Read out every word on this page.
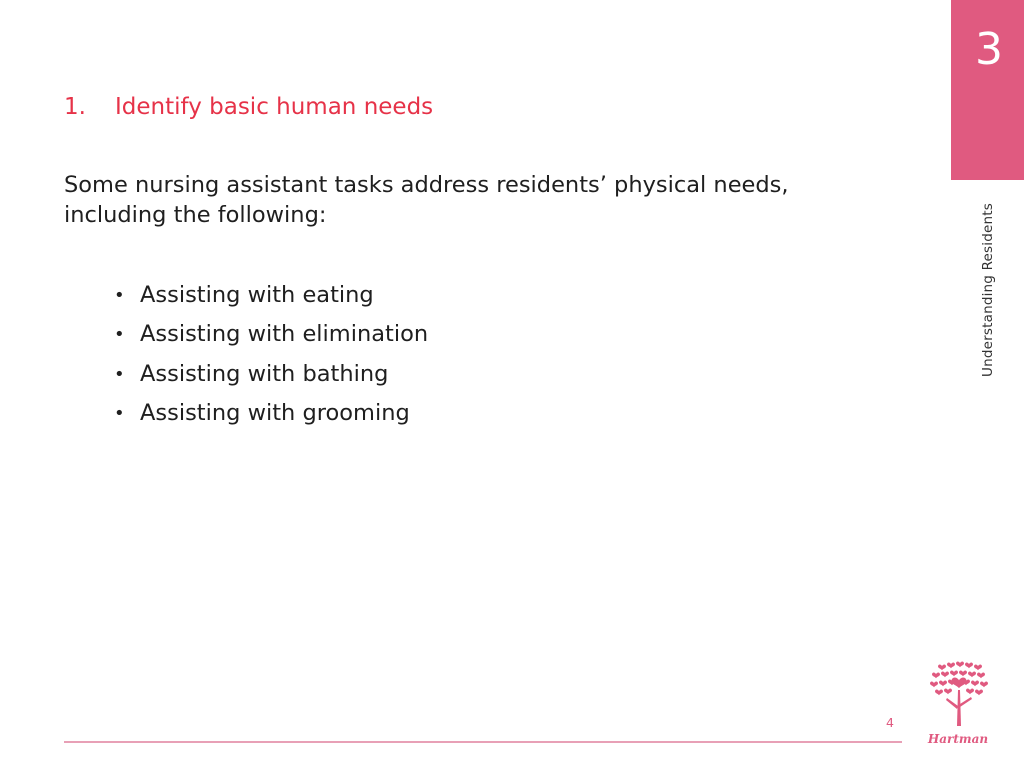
3
Understanding Residents
1. Identify basic human needs
Some nursing assistant tasks address residents’ physical needs, including the following:
• Assisting with eating
• Assisting with elimination
• Assisting with bathing
• Assisting with grooming
4
Hartman
